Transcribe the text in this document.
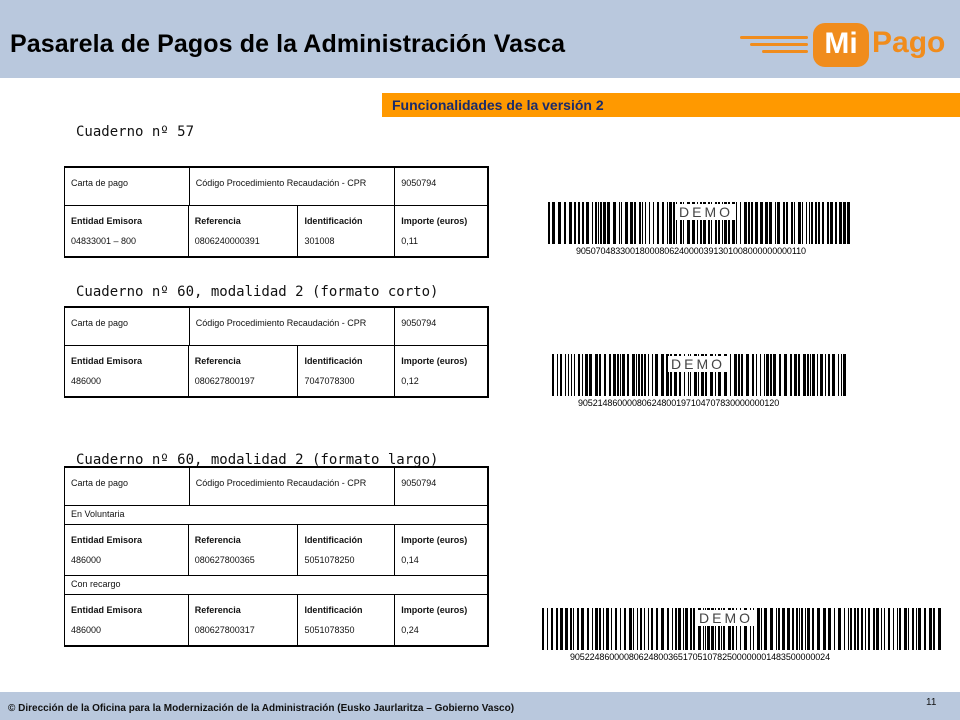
Pasarela de Pagos de la Administración Vasca	Mi Pago
Funcionalidades de la versión 2
Cuaderno nº 57
Carta de pago	Código Procedimiento Recaudación - CPR	9050794
Entidad Emisora	Referencia	Identificación	Importe (euros)
04833001 – 800	0806240000391	301008	0,11
DEMO
90507048330018000806240000391301008000000000110
Cuaderno nº 60, modalidad 2 (formato corto)
Carta de pago	Código Procedimiento Recaudación - CPR	9050794
Entidad Emisora	Referencia	Identificación	Importe (euros)
486000	080627800197	7047078300	0,12
DEMO
90521486000080624800197104707830000000120
Cuaderno nº 60, modalidad 2 (formato largo)
Carta de pago	Código Procedimiento Recaudación - CPR	9050794
En Voluntaria
Entidad Emisora	Referencia	Identificación	Importe (euros)
486000	080627800365	5051078250	0,14
Con recargo
Entidad Emisora	Referencia	Identificación	Importe (euros)
486000	080627800317	5051078350	0,24
DEMO
90522486000080624800365170510782500000001483500000024
© Dirección de la Oficina para la Modernización de la Administración (Eusko Jaurlaritza – Gobierno Vasco)
11
